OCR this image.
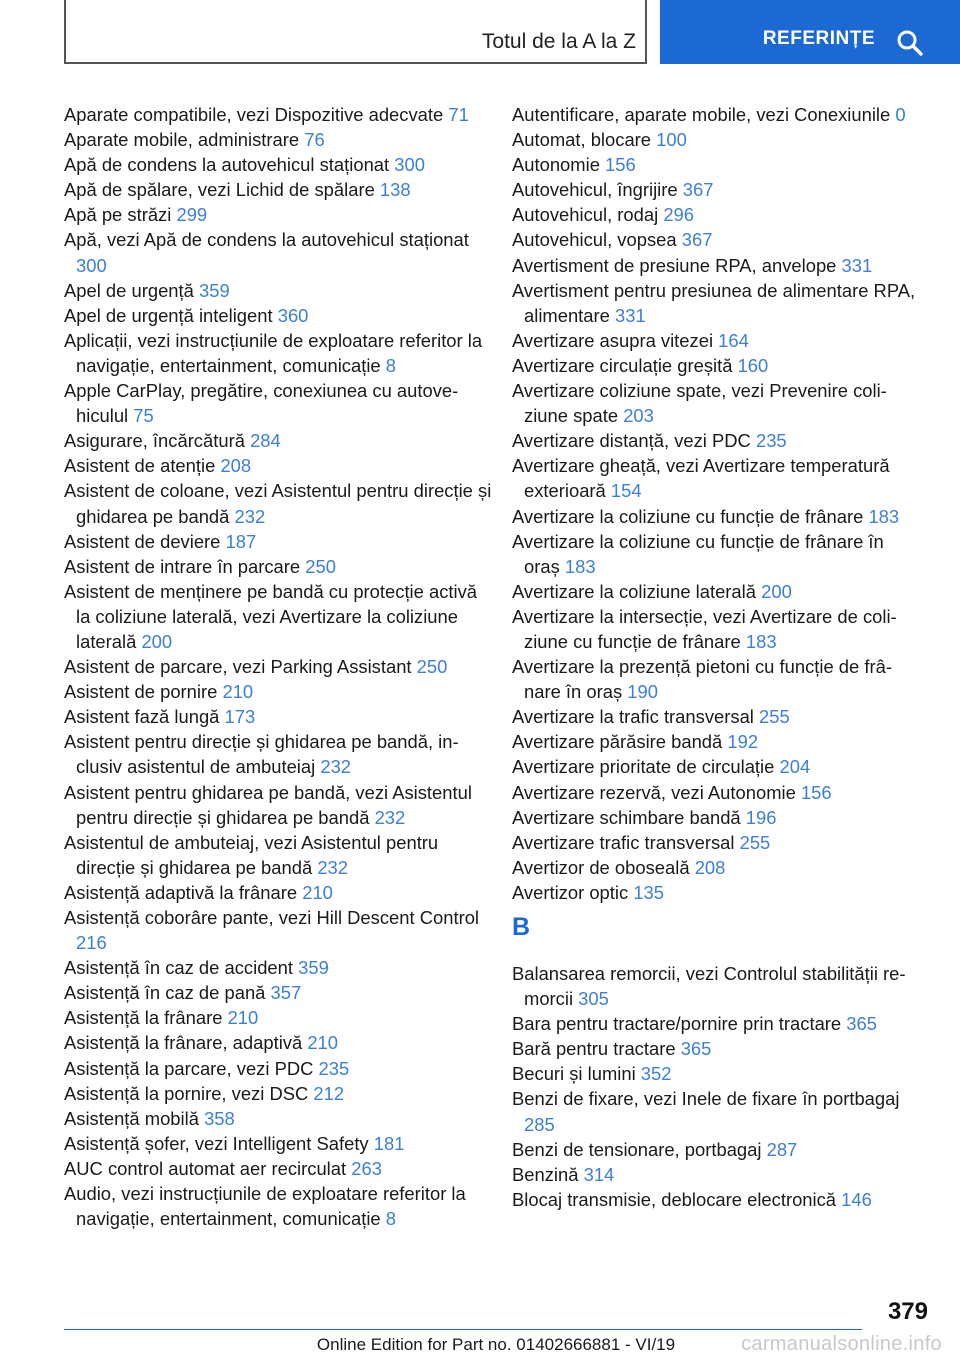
Totul de la A la Z	REFERINȚE
Aparate compatibile, vezi Dispozitive adecvate 71
Aparate mobile, administrare 76
Apă de condens la autovehicul staționat 300
Apă de spălare, vezi Lichid de spălare 138
Apă pe străzi 299
Apă, vezi Apă de condens la autovehicul staționat 300
Apel de urgență 359
Apel de urgență inteligent 360
Aplicații, vezi instrucțiunile de exploatare referitor la navigație, entertainment, comunicație 8
Apple CarPlay, pregătire, conexiunea cu autovehiculul 75
Asigurare, încărcătură 284
Asistent de atenție 208
Asistent de coloane, vezi Asistentul pentru direcție și ghidarea pe bandă 232
Asistent de deviere 187
Asistent de intrare în parcare 250
Asistent de menținere pe bandă cu protecție activă la coliziune laterală, vezi Avertizare la coliziune laterală 200
Asistent de parcare, vezi Parking Assistant 250
Asistent de pornire 210
Asistent fază lungă 173
Asistent pentru direcție și ghidarea pe bandă, inclusiv asistentul de ambuteiaj 232
Asistent pentru ghidarea pe bandă, vezi Asistentul pentru direcție și ghidarea pe bandă 232
Asistentul de ambuteiaj, vezi Asistentul pentru direcție și ghidarea pe bandă 232
Asistență adaptivă la frânare 210
Asistență coborâre pante, vezi Hill Descent Control 216
Asistență în caz de accident 359
Asistență în caz de pană 357
Asistență la frânare 210
Asistență la frânare, adaptivă 210
Asistență la parcare, vezi PDC 235
Asistență la pornire, vezi DSC 212
Asistență mobilă 358
Asistență șofer, vezi Intelligent Safety 181
AUC control automat aer recirculat 263
Audio, vezi instrucțiunile de exploatare referitor la navigație, entertainment, comunicație 8
Autentificare, aparate mobile, vezi Conexiunile 0
Automat, blocare 100
Autonomie 156
Autovehicul, îngrijire 367
Autovehicul, rodaj 296
Autovehicul, vopsea 367
Avertisment de presiune RPA, anvelope 331
Avertisment pentru presiunea de alimentare RPA, alimentare 331
Avertizare asupra vitezei 164
Avertizare circulație greșită 160
Avertizare coliziune spate, vezi Prevenire coliziune spate 203
Avertizare distanță, vezi PDC 235
Avertizare gheață, vezi Avertizare temperatură exterioară 154
Avertizare la coliziune cu funcție de frânare 183
Avertizare la coliziune cu funcție de frânare în oraș 183
Avertizare la coliziune laterală 200
Avertizare la intersecție, vezi Avertizare de coliziune cu funcție de frânare 183
Avertizare la prezență pietoni cu funcție de frânare în oraș 190
Avertizare la trafic transversal 255
Avertizare părăsire bandă 192
Avertizare prioritate de circulație 204
Avertizare rezervă, vezi Autonomie 156
Avertizare schimbare bandă 196
Avertizare trafic transversal 255
Avertizor de oboseală 208
Avertizor optic 135
B
Balansarea remorcii, vezi Controlul stabilității remorcii 305
Bara pentru tractare/pornire prin tractare 365
Bară pentru tractare 365
Becuri și lumini 352
Benzi de fixare, vezi Inele de fixare în portbagaj 285
Benzi de tensionare, portbagaj 287
Benzină 314
Blocaj transmisie, deblocare electronică 146
379
Online Edition for Part no. 01402666881 - VI/19	carmanualsonline.info
